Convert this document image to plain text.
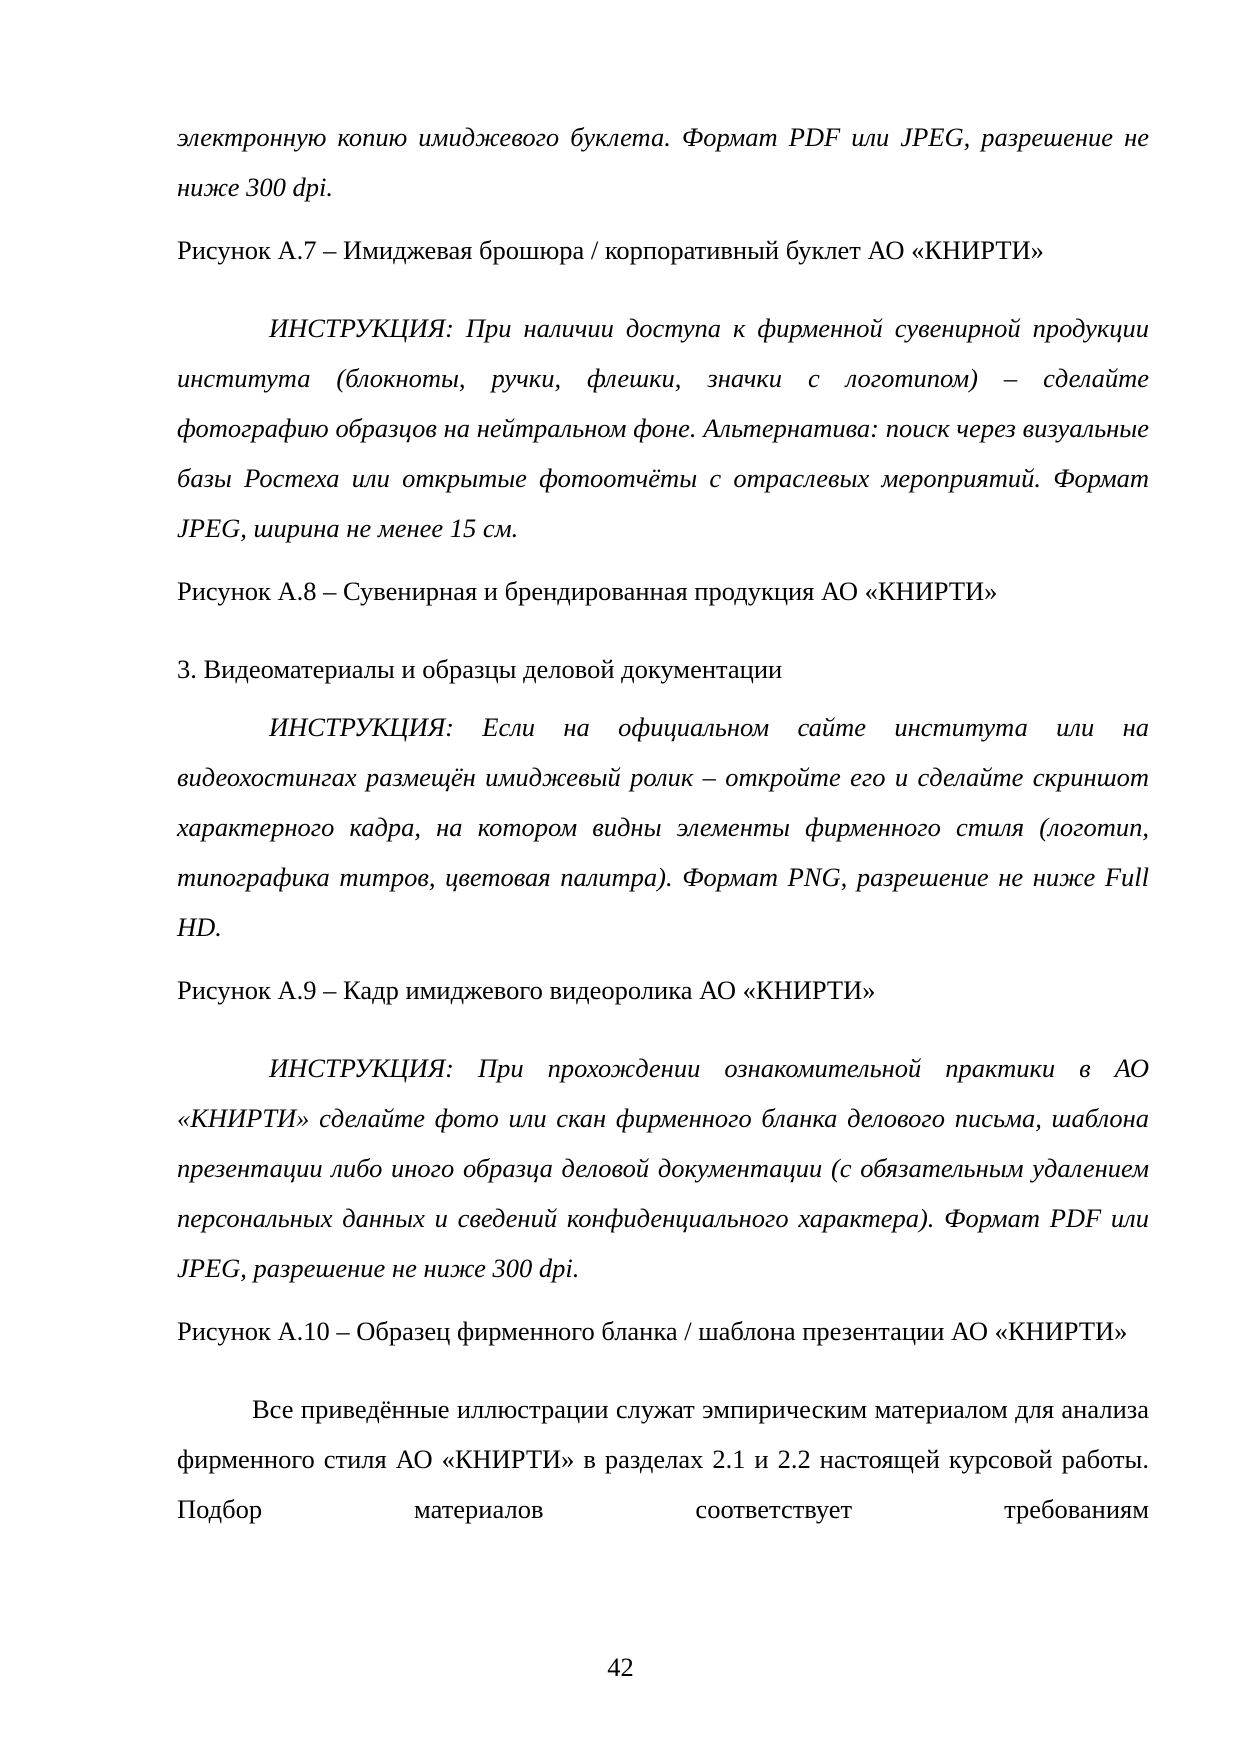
электронную копию имиджевого буклета. Формат PDF или JPEG, разрешение не ниже 300 dpi.

Рисунок А.7 – Имиджевая брошюра / корпоративный буклет АО «КНИРТИ»

ИНСТРУКЦИЯ: При наличии доступа к фирменной сувенирной продукции института (блокноты, ручки, флешки, значки с логотипом) – сделайте фотографию образцов на нейтральном фоне. Альтернатива: поиск через визуальные базы Ростеха или открытые фотоотчёты с отраслевых мероприятий. Формат JPEG, ширина не менее 15 см.

Рисунок А.8 – Сувенирная и брендированная продукция АО «КНИРТИ»

3. Видеоматериалы и образцы деловой документации

ИНСТРУКЦИЯ: Если на официальном сайте института или на видеохостингах размещён имиджевый ролик – откройте его и сделайте скриншот характерного кадра, на котором видны элементы фирменного стиля (логотип, типографика титров, цветовая палитра). Формат PNG, разрешение не ниже Full HD.

Рисунок А.9 – Кадр имиджевого видеоролика АО «КНИРТИ»

ИНСТРУКЦИЯ: При прохождении ознакомительной практики в АО «КНИРТИ» сделайте фото или скан фирменного бланка делового письма, шаблона презентации либо иного образца деловой документации (с обязательным удалением персональных данных и сведений конфиденциального характера). Формат PDF или JPEG, разрешение не ниже 300 dpi.

Рисунок А.10 – Образец фирменного бланка / шаблона презентации АО «КНИРТИ»

Все приведённые иллюстрации служат эмпирическим материалом для анализа фирменного стиля АО «КНИРТИ» в разделах 2.1 и 2.2 настоящей курсовой работы. Подбор материалов соответствует требованиям

42
